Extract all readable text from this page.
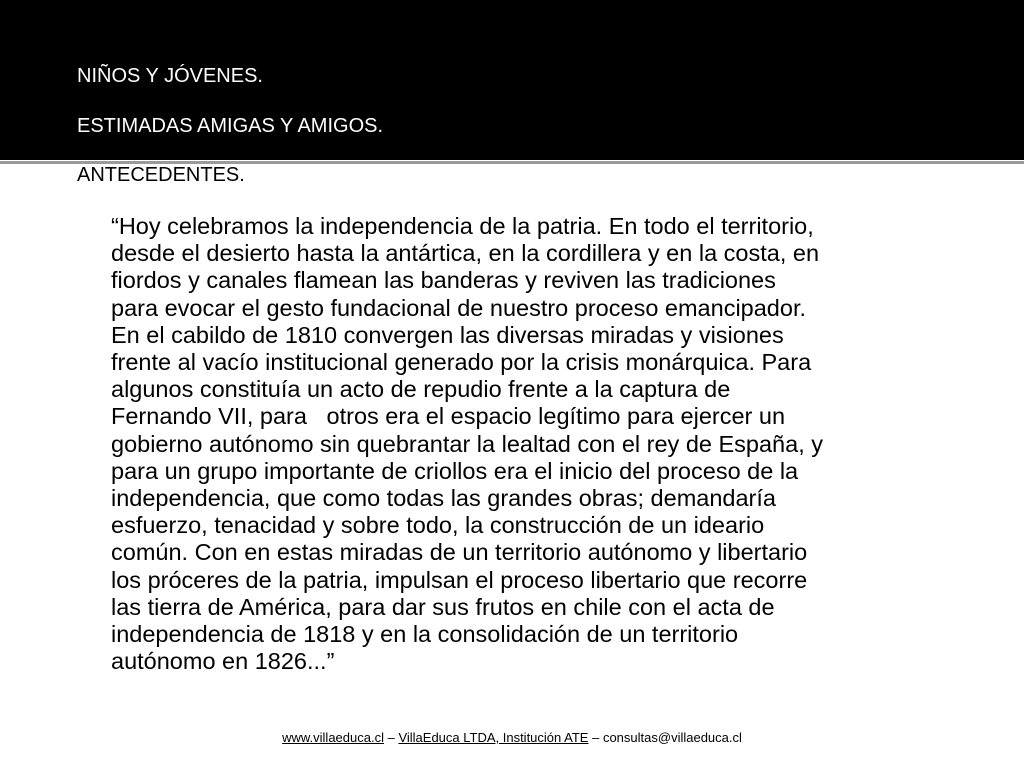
NIÑOS Y JÓVENES.
ESTIMADAS AMIGAS Y AMIGOS.
ANTECEDENTES.
“Hoy celebramos la independencia de la patria. En todo el territorio,
desde el desierto hasta la antártica, en la cordillera y en la costa, en
fiordos y canales flamean las banderas y reviven las tradiciones
para evocar el gesto fundacional de nuestro proceso emancipador.
En el cabildo de 1810 convergen las diversas miradas y visiones
frente al vacío institucional generado por la crisis monárquica. Para
algunos constituía un acto de repudio frente a la captura de
Fernando VII, para   otros era el espacio legítimo para ejercer un
gobierno autónomo sin quebrantar la lealtad con el rey de España, y
para un grupo importante de criollos era el inicio del proceso de la
independencia, que como todas las grandes obras; demandaría
esfuerzo, tenacidad y sobre todo, la construcción de un ideario
común. Con en estas miradas de un territorio autónomo y libertario
los próceres de la patria, impulsan el proceso libertario que recorre
las tierra de América, para dar sus frutos en chile con el acta de
independencia de 1818 y en la consolidación de un territorio
autónomo en 1826...”
www.villaeduca.cl – VillaEduca LTDA, Institución ATE – consultas@villaeduca.cl
